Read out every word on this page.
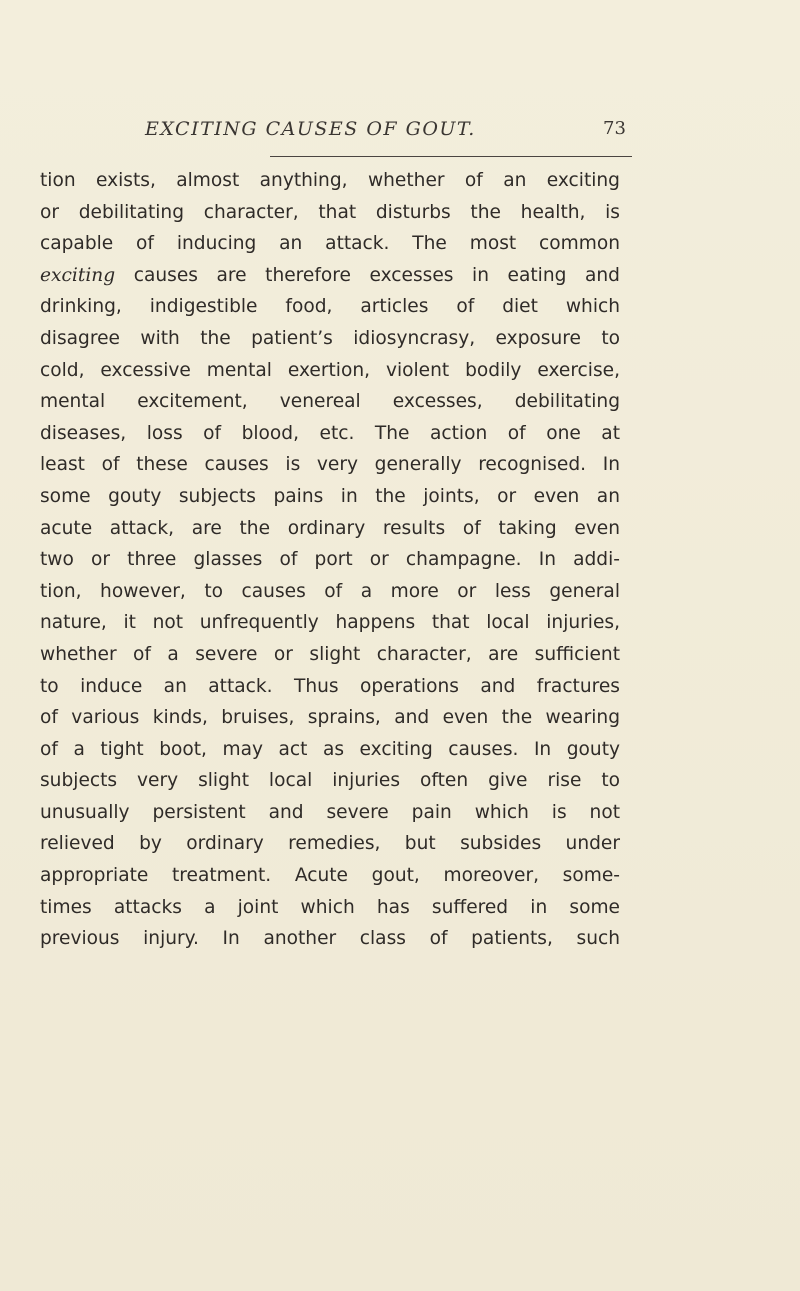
EXCITING CAUSES OF GOUT.	73
tion exists, almost anything, whether of an exciting
or debilitating character, that disturbs the health, is
capable of inducing an attack. The most common
exciting causes are therefore excesses in eating and
drinking, indigestible food, articles of diet which
disagree with the patient’s idiosyncrasy, exposure to
cold, excessive mental exertion, violent bodily exercise,
mental excitement, venereal excesses, debilitating
diseases, loss of blood, etc. The action of one at
least of these causes is very generally recognised. In
some gouty subjects pains in the joints, or even an
acute attack, are the ordinary results of taking even
two or three glasses of port or champagne. In addi-
tion, however, to causes of a more or less general
nature, it not unfrequently happens that local injuries,
whether of a severe or slight character, are sufficient
to induce an attack. Thus operations and fractures
of various kinds, bruises, sprains, and even the wearing
of a tight boot, may act as exciting causes. In gouty
subjects very slight local injuries often give rise to
unusually persistent and severe pain which is not
relieved by ordinary remedies, but subsides under
appropriate treatment. Acute gout, moreover, some-
times attacks a joint which has suffered in some
previous injury. In another class of patients, such
